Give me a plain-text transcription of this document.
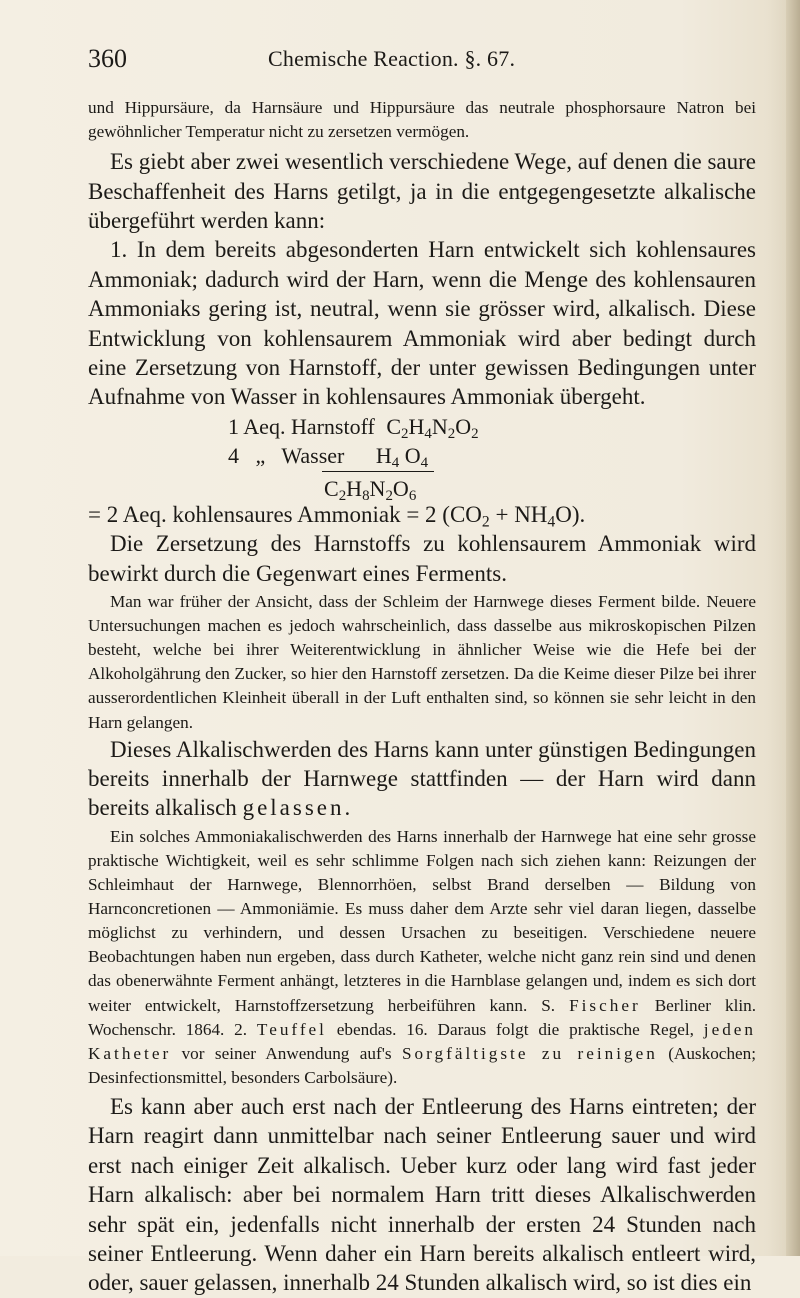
360	Chemische Reaction. §. 67.

und Hippursäure, da Harnsäure und Hippursäure das neutrale phosphorsaure Natron bei gewöhnlicher Temperatur nicht zu zersetzen vermögen.

Es giebt aber zwei wesentlich verschiedene Wege, auf denen die saure Beschaffenheit des Harns getilgt, ja in die entgegengesetzte alkalische übergeführt werden kann:

1. In dem bereits abgesonderten Harn entwickelt sich kohlensaures Ammoniak; dadurch wird der Harn, wenn die Menge des kohlensauren Ammoniaks gering ist, neutral, wenn sie grösser wird, alkalisch. Diese Entwicklung von kohlensaurem Ammoniak wird aber bedingt durch eine Zersetzung von Harnstoff, der unter gewissen Bedingungen unter Aufnahme von Wasser in kohlensaures Ammoniak übergeht.

1 Aeq. Harnstoff $C_2H_4N_2O_2$
4   „   Wasser $H_4$ $O_4$
$C_2H_8N_2O_6$

= 2 Aeq. kohlensaures Ammoniak = 2 $(CO_2 + NH_4O)$.

Die Zersetzung des Harnstoffs zu kohlensaurem Ammoniak wird bewirkt durch die Gegenwart eines Ferments.

Man war früher der Ansicht, dass der Schleim der Harnwege dieses Ferment bilde. Neuere Untersuchungen machen es jedoch wahrscheinlich, dass dasselbe aus mikroskopischen Pilzen besteht, welche bei ihrer Weiterentwicklung in ähnlicher Weise wie die Hefe bei der Alkoholgährung den Zucker, so hier den Harnstoff zersetzen. Da die Keime dieser Pilze bei ihrer ausserordentlichen Kleinheit überall in der Luft enthalten sind, so können sie sehr leicht in den Harn gelangen.

Dieses Alkalischwerden des Harns kann unter günstigen Bedingungen bereits innerhalb der Harnwege stattfinden — der Harn wird dann bereits alkalisch gelassen.

Ein solches Ammoniakalischwerden des Harns innerhalb der Harnwege hat eine sehr grosse praktische Wichtigkeit, weil es sehr schlimme Folgen nach sich ziehen kann: Reizungen der Schleimhaut der Harnwege, Blennorrhöen, selbst Brand derselben — Bildung von Harnconcretionen — Ammoniämie. Es muss daher dem Arzte sehr viel daran liegen, dasselbe möglichst zu verhindern, und dessen Ursachen zu beseitigen. Verschiedene neuere Beobachtungen haben nun ergeben, dass durch Katheter, welche nicht ganz rein sind und denen das obenerwähnte Ferment anhängt, letzteres in die Harnblase gelangen und, indem es sich dort weiter entwickelt, Harnstoffzersetzung herbeiführen kann. S. Fischer Berliner klin. Wochenschr. 1864. 2. Teuffel ebendas. 16. Daraus folgt die praktische Regel, jeden Katheter vor seiner Anwendung auf's Sorgfältigste zu reinigen (Auskochen; Desinfectionsmittel, besonders Carbolsäure).

Es kann aber auch erst nach der Entleerung des Harns eintreten; der Harn reagirt dann unmittelbar nach seiner Entleerung sauer und wird erst nach einiger Zeit alkalisch. Ueber kurz oder lang wird fast jeder Harn alkalisch: aber bei normalem Harn tritt dieses Alkalischwerden sehr spät ein, jedenfalls nicht innerhalb der ersten 24 Stunden nach seiner Entleerung. Wenn daher ein Harn bereits alkalisch entleert wird, oder, sauer gelassen, innerhalb 24 Stunden alkalisch wird, so ist dies ein
